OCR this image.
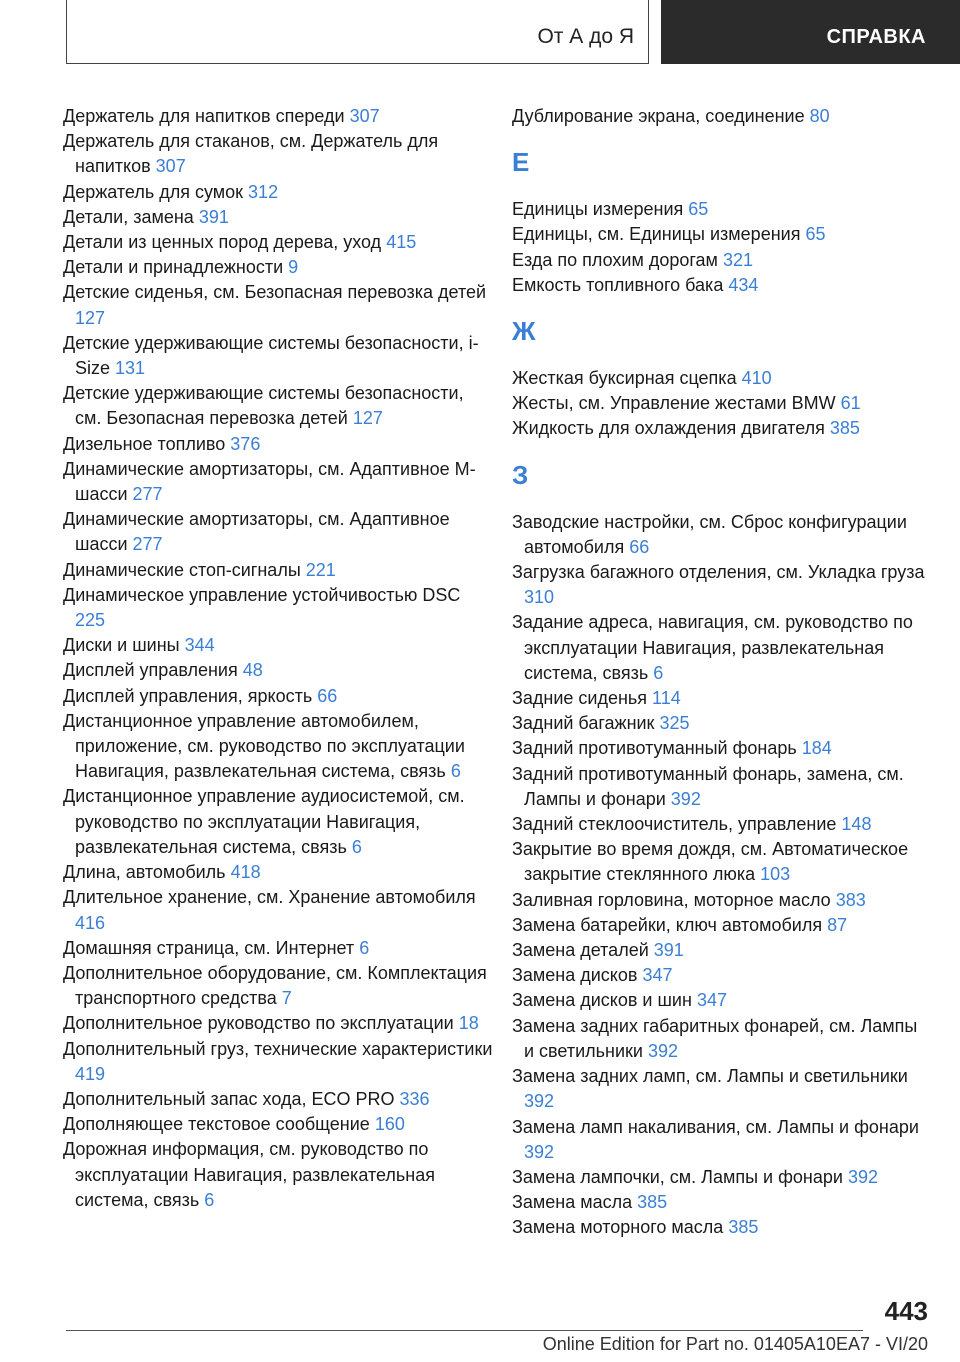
От А до Я	СПРАВКА
Держатель для напитков спереди 307
Держатель для стаканов, см. Держатель для напитков 307
Держатель для сумок 312
Детали, замена 391
Детали из ценных пород дерева, уход 415
Детали и принадлежности 9
Детские сиденья, см. Безопасная перевозка детей 127
Детские удерживающие системы безопасности, i-Size 131
Детские удерживающие системы безопасности, см. Безопасная перевозка детей 127
Дизельное топливо 376
Динамические амортизаторы, см. Адаптивное M-шасси 277
Динамические амортизаторы, см. Адаптивное шасси 277
Динамические стоп-сигналы 221
Динамическое управление устойчивостью DSC 225
Диски и шины 344
Дисплей управления 48
Дисплей управления, яркость 66
Дистанционное управление автомобилем, приложение, см. руководство по эксплуатации Навигация, развлекательная система, связь 6
Дистанционное управление аудиосистемой, см. руководство по эксплуатации Навигация, развлекательная система, связь 6
Длина, автомобиль 418
Длительное хранение, см. Хранение автомобиля 416
Домашняя страница, см. Интернет 6
Дополнительное оборудование, см. Комплектация транспортного средства 7
Дополнительное руководство по эксплуатации 18
Дополнительный груз, технические характеристики 419
Дополнительный запас хода, ECO PRO 336
Дополняющее текстовое сообщение 160
Дорожная информация, см. руководство по эксплуатации Навигация, развлекательная система, связь 6
Дублирование экрана, соединение 80
Е
Единицы измерения 65
Единицы, см. Единицы измерения 65
Езда по плохим дорогам 321
Емкость топливного бака 434
Ж
Жесткая буксирная сцепка 410
Жесты, см. Управление жестами BMW 61
Жидкость для охлаждения двигателя 385
З
Заводские настройки, см. Сброс конфигурации автомобиля 66
Загрузка багажного отделения, см. Укладка груза 310
Задание адреса, навигация, см. руководство по эксплуатации Навигация, развлекательная система, связь 6
Задние сиденья 114
Задний багажник 325
Задний противотуманный фонарь 184
Задний противотуманный фонарь, замена, см. Лампы и фонари 392
Задний стеклоочиститель, управление 148
Закрытие во время дождя, см. Автоматическое закрытие стеклянного люка 103
Заливная горловина, моторное масло 383
Замена батарейки, ключ автомобиля 87
Замена деталей 391
Замена дисков 347
Замена дисков и шин 347
Замена задних габаритных фонарей, см. Лампы и светильники 392
Замена задних ламп, см. Лампы и светильники 392
Замена ламп накаливания, см. Лампы и фонари 392
Замена лампочки, см. Лампы и фонари 392
Замена масла 385
Замена моторного масла 385
443
Online Edition for Part no. 01405A10EA7 - VI/20
